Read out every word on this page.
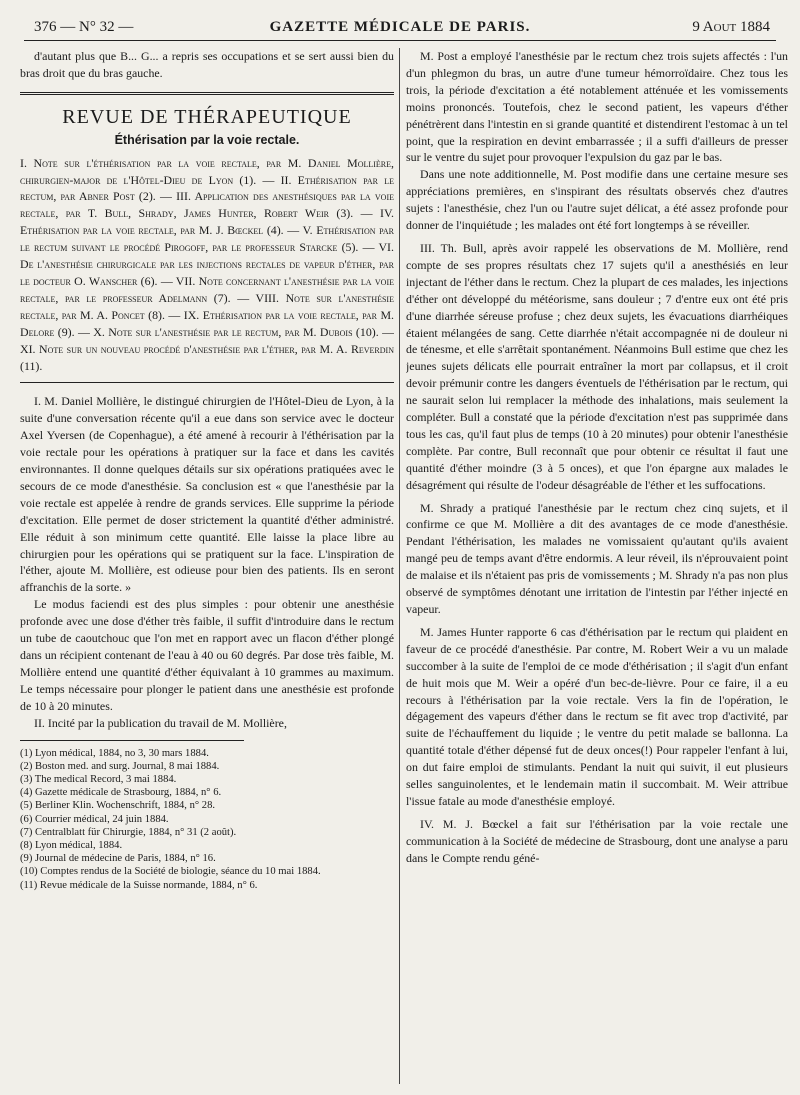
376 — N° 32 —	GAZETTE MÉDICALE DE PARIS.	9 Aout 1884

d'autant plus que B... G... a repris ses occupations et se sert aussi bien du bras droit que du bras gauche.

REVUE DE THÉRAPEUTIQUE

Éthérisation par la voie rectale.

I. Note sur l'éthérisation par la voie rectale, par M. Daniel Mollière, chirurgien-major de l'Hôtel-Dieu de Lyon (1). — II. Ethérisation par le rectum, par Abner Post (2). — III. Application des anesthésiques par la voie rectale, par T. Bull, Shrady, James Hunter, Robert Weir (3). — IV. Ethérisation par la voie rectale, par M. J. Bœckel (4). — V. Ethérisation par le rectum suivant le procédé Pirogoff, par le professeur Starcke (5). — VI. De l'anesthésie chirurgicale par les injections rectales de vapeur d'éther, par le docteur O. Wanscher (6). — VII. Note concernant l'anesthésie par la voie rectale, par le professeur Adelmann (7). — VIII. Note sur l'anesthésie rectale, par M. A. Poncet (8). — IX. Ethérisation par la voie rectale, par M. Delore (9). — X. Note sur l'anesthésie par le rectum, par M. Dubois (10). — XI. Note sur un nouveau procédé d'anesthésie par l'éther, par M. A. Reverdin (11).

I. M. Daniel Mollière, le distingué chirurgien de l'Hôtel-Dieu de Lyon, à la suite d'une conversation récente qu'il a eue dans son service avec le docteur Axel Yversen (de Copenhague), a été amené à recourir à l'éthérisation par la voie rectale pour les opérations à pratiquer sur la face et dans les cavités environnantes. Il donne quelques détails sur six opérations pratiquées avec le secours de ce mode d'anesthésie. Sa conclusion est « que l'anesthésie par la voie rectale est appelée à rendre de grands services. Elle supprime la période d'excitation. Elle permet de doser strictement la quantité d'éther administré. Elle réduit à son minimum cette quantité. Elle laisse la place libre au chirurgien pour les opérations qui se pratiquent sur la face. L'inspiration de l'éther, ajoute M. Mollière, est odieuse pour bien des patients. Ils en seront affranchis de la sorte. »

Le modus faciendi est des plus simples : pour obtenir une anesthésie profonde avec une dose d'éther très faible, il suffit d'introduire dans le rectum un tube de caoutchouc que l'on met en rapport avec un flacon d'éther plongé dans un récipient contenant de l'eau à 40 ou 60 degrés. Par dose très faible, M. Mollière entend une quantité d'éther équivalant à 10 grammes au maximum. Le temps nécessaire pour plonger le patient dans une anesthésie est profonde de 10 à 20 minutes.

II. Incité par la publication du travail de M. Mollière,

(1) Lyon médical, 1884, no 3, 30 mars 1884.
(2) Boston med. and surg. Journal, 8 mai 1884.
(3) The medical Record, 3 mai 1884.
(4) Gazette médicale de Strasbourg, 1884, n° 6.
(5) Berliner Klin. Wochenschrift, 1884, n° 28.
(6) Courrier médical, 24 juin 1884.
(7) Centralblatt für Chirurgie, 1884, n° 31 (2 août).
(8) Lyon médical, 1884.
(9) Journal de médecine de Paris, 1884, n° 16.
(10) Comptes rendus de la Société de biologie, séance du 10 mai 1884.
(11) Revue médicale de la Suisse normande, 1884, n° 6.

M. Post a employé l'anesthésie par le rectum chez trois sujets affectés : l'un d'un phlegmon du bras, un autre d'une tumeur hémorroïdaire. Chez tous les trois, la période d'excitation a été notablement atténuée et les vomissements moins prononcés. Toutefois, chez le second patient, les vapeurs d'éther pénétrèrent dans l'intestin en si grande quantité et distendirent l'estomac à un tel point, que la respiration en devint embarrassée ; il a suffi d'ailleurs de presser sur le ventre du sujet pour provoquer l'expulsion du gaz par le bas.

Dans une note additionnelle, M. Post modifie dans une certaine mesure ses appréciations premières, en s'inspirant des résultats observés chez d'autres sujets : l'anesthésie, chez l'un ou l'autre sujet délicat, a été assez profonde pour donner de l'inquiétude ; les malades ont été fort longtemps à se réveiller.

III. Th. Bull, après avoir rappelé les observations de M. Mollière, rend compte de ses propres résultats chez 17 sujets qu'il a anesthésiés en leur injectant de l'éther dans le rectum. Chez la plupart de ces malades, les injections d'éther ont développé du météorisme, sans douleur ; 7 d'entre eux ont été pris d'une diarrhée séreuse profuse ; chez deux sujets, les évacuations diarrhéiques étaient mélangées de sang. Cette diarrhée n'était accompagnée ni de douleur ni de ténesme, et elle s'arrêtait spontanément. Néanmoins Bull estime que chez les jeunes sujets délicats elle pourrait entraîner la mort par collapsus, et il croit devoir prémunir contre les dangers éventuels de l'éthérisation par le rectum, qui ne saurait selon lui remplacer la méthode des inhalations, mais seulement la compléter. Bull a constaté que la période d'excitation n'est pas supprimée dans tous les cas, qu'il faut plus de temps (10 à 20 minutes) pour obtenir l'anesthésie complète. Par contre, Bull reconnaît que pour obtenir ce résultat il faut une quantité d'éther moindre (3 à 5 onces), et que l'on épargne aux malades le désagrément qui résulte de l'odeur désagréable de l'éther et les suffocations.

M. Shrady a pratiqué l'anesthésie par le rectum chez cinq sujets, et il confirme ce que M. Mollière a dit des avantages de ce mode d'anesthésie. Pendant l'éthérisation, les malades ne vomissaient qu'autant qu'ils avaient mangé peu de temps avant d'être endormis. A leur réveil, ils n'éprouvaient point de malaise et ils n'étaient pas pris de vomissements ; M. Shrady n'a pas non plus observé de symptômes dénotant une irritation de l'intestin par l'éther injecté en vapeur.

M. James Hunter rapporte 6 cas d'éthérisation par le rectum qui plaident en faveur de ce procédé d'anesthésie. Par contre, M. Robert Weir a vu un malade succomber à la suite de l'emploi de ce mode d'éthérisation ; il s'agit d'un enfant de huit mois que M. Weir a opéré d'un bec-de-lièvre. Pour ce faire, il a eu recours à l'éthérisation par la voie rectale. Vers la fin de l'opération, le dégagement des vapeurs d'éther dans le rectum se fit avec trop d'activité, par suite de l'échauffement du liquide ; le ventre du petit malade se ballonna. La quantité totale d'éther dépensé fut de deux onces(!) Pour rappeler l'enfant à lui, on dut faire emploi de stimulants. Pendant la nuit qui suivit, il eut plusieurs selles sanguinolentes, et le lendemain matin il succombait. M. Weir attribue l'issue fatale au mode d'anesthésie employé.

IV. M. J. Bœckel a fait sur l'éthérisation par la voie rectale une communication à la Société de médecine de Strasbourg, dont une analyse a paru dans le Compte rendu géné-
